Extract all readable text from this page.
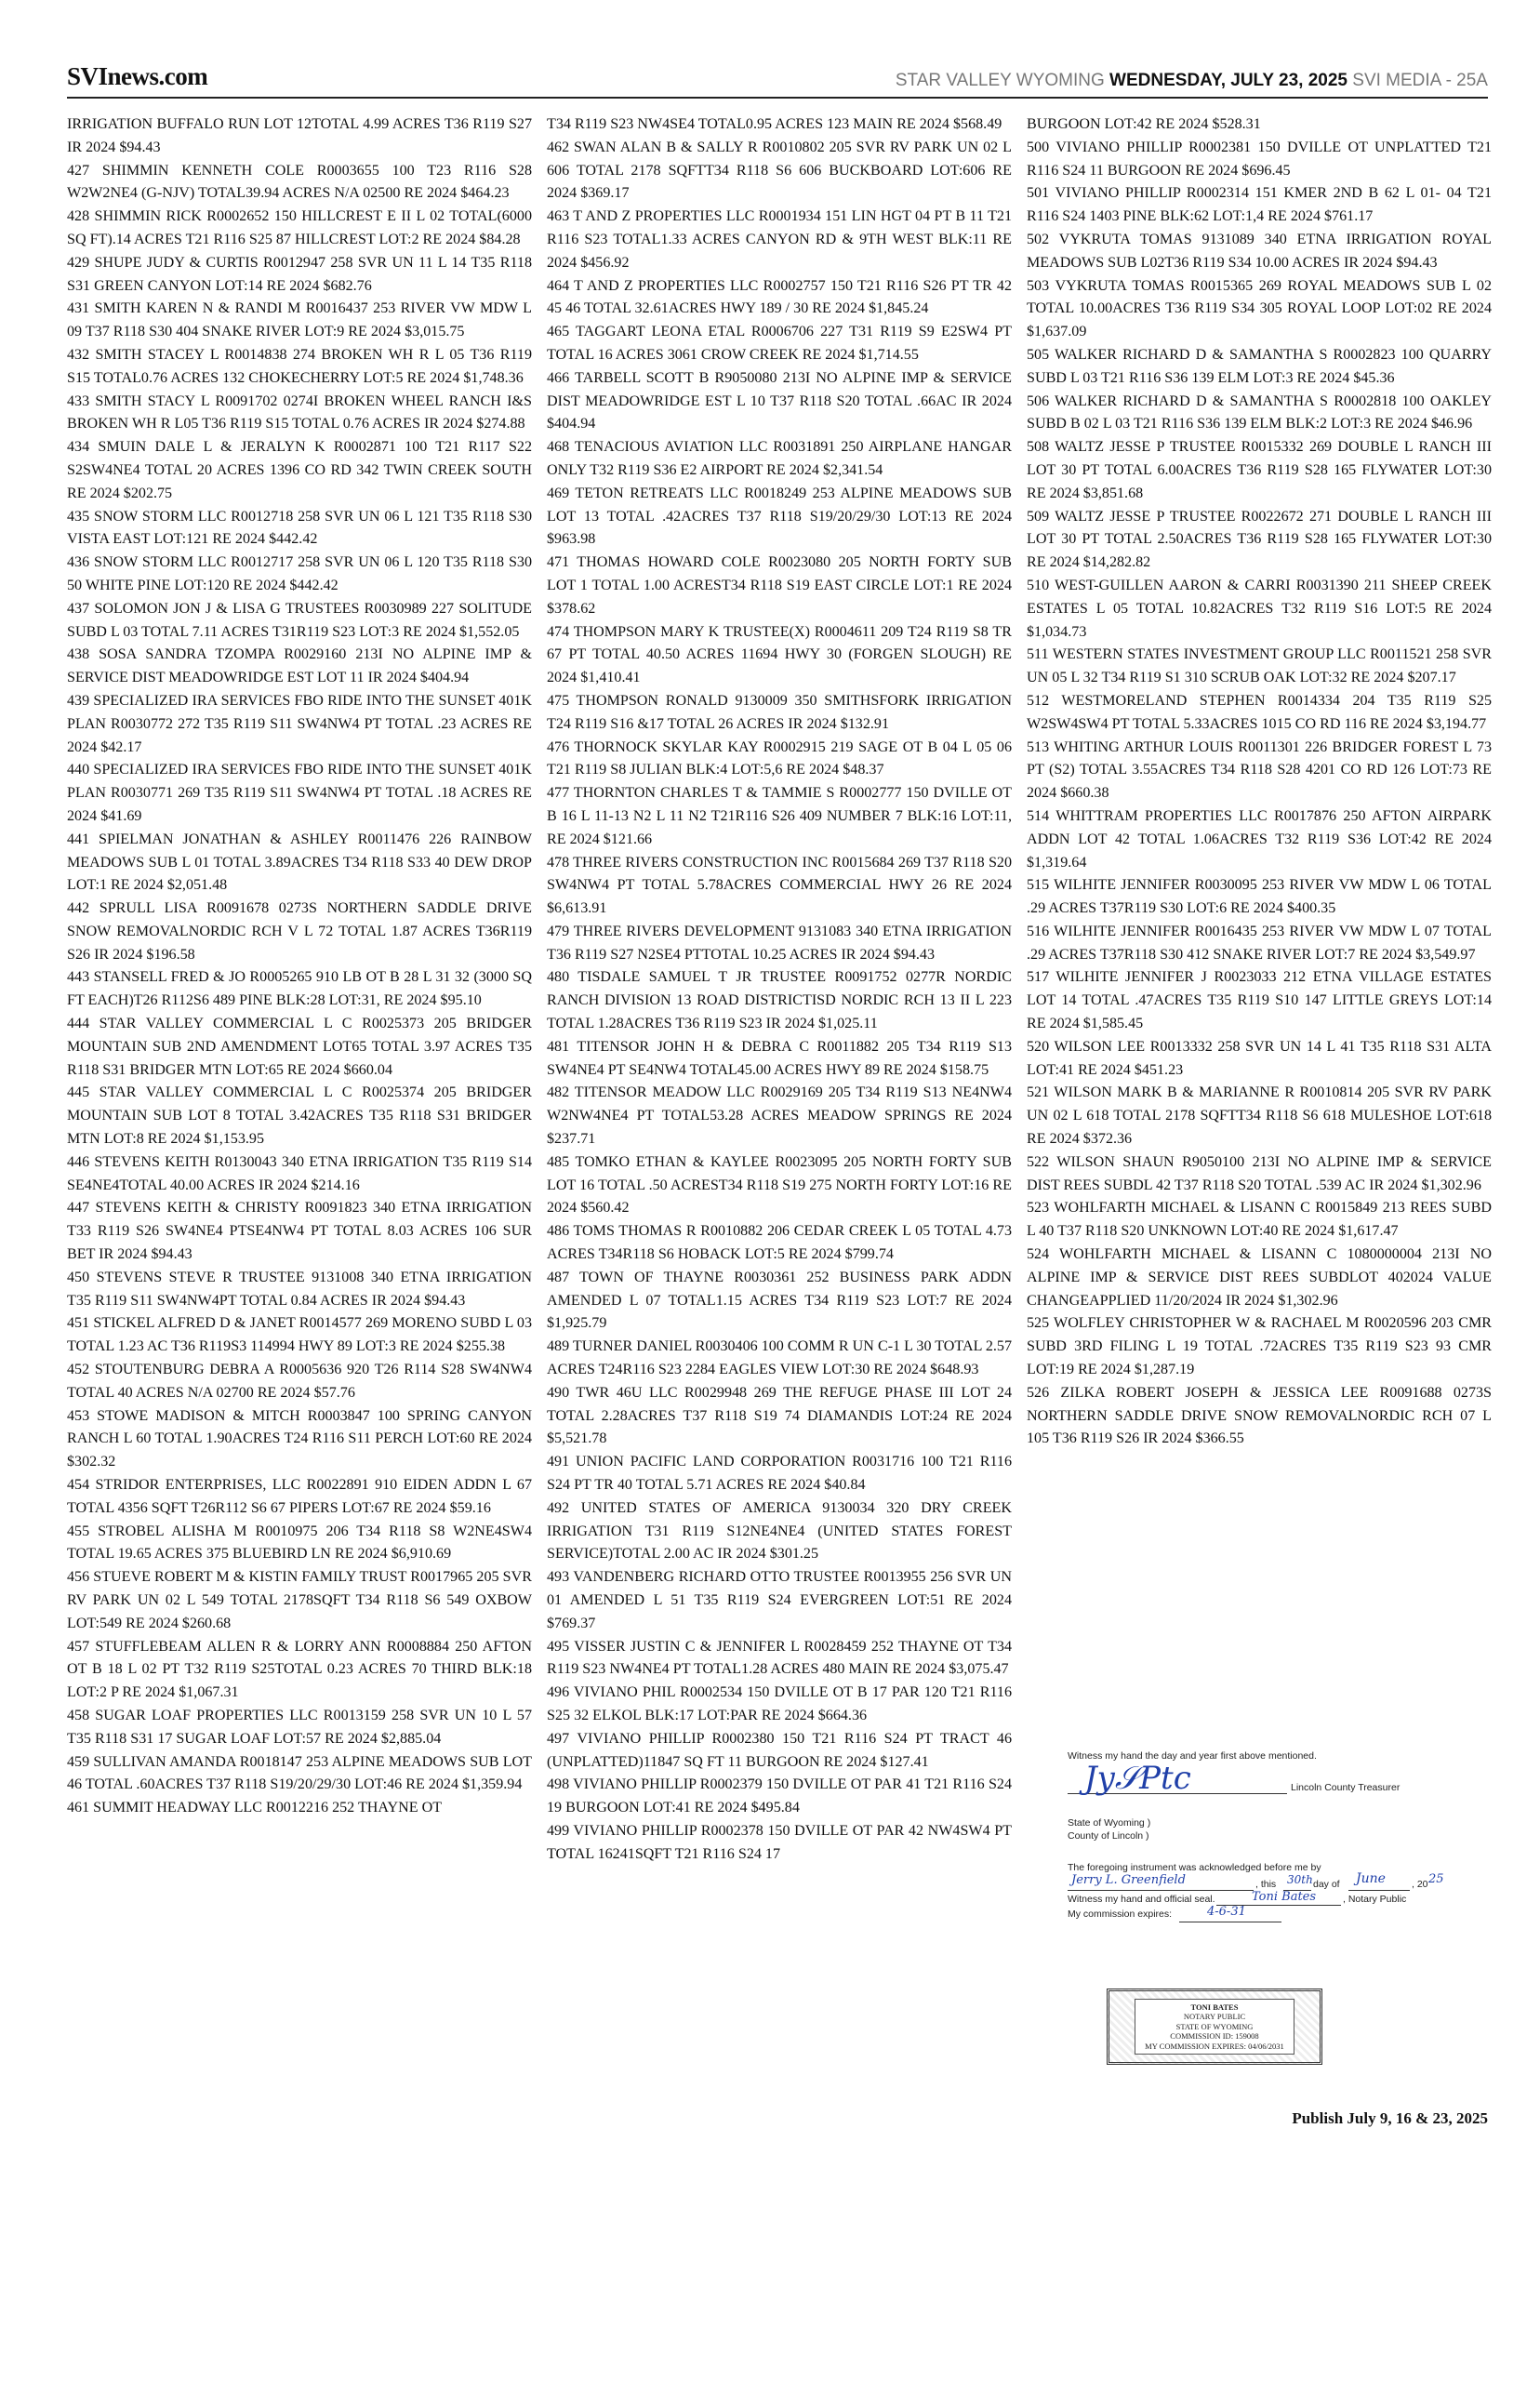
SVInews.com	STAR VALLEY WYOMING WEDNESDAY, JULY 23, 2025 SVI MEDIA - 25A

IRRIGATION BUFFALO RUN LOT 12TOTAL 4.99 ACRES T36 R119 S27 IR 2024 $94.43

427 SHIMMIN KENNETH COLE R0003655 100 T23 R116 S28 W2W2NE4 (G-NJV) TOTAL39.94 ACRES N/A 02500 RE 2024 $464.23

428 SHIMMIN RICK R0002652 150 HILLCREST E II L 02 TOTAL(6000 SQ FT).14 ACRES T21 R116 S25 87 HILLCREST LOT:2 RE 2024 $84.28

429 SHUPE JUDY & CURTIS R0012947 258 SVR UN 11 L 14 T35 R118 S31 GREEN CANYON LOT:14 RE 2024 $682.76

431 SMITH KAREN N & RANDI M R0016437 253 RIVER VW MDW L 09 T37 R118 S30 404 SNAKE RIVER LOT:9 RE 2024 $3,015.75

432 SMITH STACEY L R0014838 274 BROKEN WH R L 05 T36 R119 S15 TOTAL0.76 ACRES 132 CHOKECHERRY LOT:5 RE 2024 $1,748.36

433 SMITH STACY L R0091702 0274I BROKEN WHEEL RANCH I&S BROKEN WH R L05 T36 R119 S15 TOTAL 0.76 ACRES IR 2024 $274.88

434 SMUIN DALE L & JERALYN K R0002871 100 T21 R117 S22 S2SW4NE4 TOTAL 20 ACRES 1396 CO RD 342 TWIN CREEK SOUTH RE 2024 $202.75

435 SNOW STORM LLC R0012718 258 SVR UN 06 L 121 T35 R118 S30 VISTA EAST LOT:121 RE 2024 $442.42

436 SNOW STORM LLC R0012717 258 SVR UN 06 L 120 T35 R118 S30 50 WHITE PINE LOT:120 RE 2024 $442.42

437 SOLOMON JON J & LISA G TRUSTEES R0030989 227 SOLITUDE SUBD L 03 TOTAL 7.11 ACRES T31R119 S23 LOT:3 RE 2024 $1,552.05

438 SOSA SANDRA TZOMPA R0029160 213I NO ALPINE IMP & SERVICE DIST MEADOWRIDGE EST LOT 11 IR 2024 $404.94

439 SPECIALIZED IRA SERVICES FBO RIDE INTO THE SUNSET 401K PLAN R0030772 272 T35 R119 S11 SW4NW4 PT TOTAL .23 ACRES RE 2024 $42.17

440 SPECIALIZED IRA SERVICES FBO RIDE INTO THE SUNSET 401K PLAN R0030771 269 T35 R119 S11 SW4NW4 PT TOTAL .18 ACRES RE 2024 $41.69

441 SPIELMAN JONATHAN & ASHLEY R0011476 226 RAINBOW MEADOWS SUB L 01 TOTAL 3.89ACRES T34 R118 S33 40 DEW DROP LOT:1 RE 2024 $2,051.48

442 SPRULL LISA R0091678 0273S NORTHERN SADDLE DRIVE SNOW REMOVALNORDIC RCH V L 72 TOTAL 1.87 ACRES T36R119 S26 IR 2024 $196.58

443 STANSELL FRED & JO R0005265 910 LB OT B 28 L 31 32 (3000 SQ FT EACH)T26 R112S6 489 PINE BLK:28 LOT:31, RE 2024 $95.10

444 STAR VALLEY COMMERCIAL L C R0025373 205 BRIDGER MOUNTAIN SUB 2ND AMENDMENT LOT65 TOTAL 3.97 ACRES T35 R118 S31 BRIDGER MTN LOT:65 RE 2024 $660.04

445 STAR VALLEY COMMERCIAL L C R0025374 205 BRIDGER MOUNTAIN SUB LOT 8 TOTAL 3.42ACRES T35 R118 S31 BRIDGER MTN LOT:8 RE 2024 $1,153.95

446 STEVENS KEITH R0130043 340 ETNA IRRIGATION T35 R119 S14 SE4NE4TOTAL 40.00 ACRES IR 2024 $214.16

447 STEVENS KEITH & CHRISTY R0091823 340 ETNA IRRIGATION T33 R119 S26 SW4NE4 PTSE4NW4 PT TOTAL 8.03 ACRES 106 SUR BET IR 2024 $94.43

450 STEVENS STEVE R TRUSTEE 9131008 340 ETNA IRRIGATION T35 R119 S11 SW4NW4PT TOTAL 0.84 ACRES IR 2024 $94.43

451 STICKEL ALFRED D & JANET R0014577 269 MORENO SUBD L 03 TOTAL 1.23 AC T36 R119S3 114994 HWY 89 LOT:3 RE 2024 $255.38

452 STOUTENBURG DEBRA A R0005636 920 T26 R114 S28 SW4NW4 TOTAL 40 ACRES N/A 02700 RE 2024 $57.76

453 STOWE MADISON & MITCH R0003847 100 SPRING CANYON RANCH L 60 TOTAL 1.90ACRES T24 R116 S11 PERCH LOT:60 RE 2024 $302.32

454 STRIDOR ENTERPRISES, LLC R0022891 910 EIDEN ADDN L 67 TOTAL 4356 SQFT T26R112 S6 67 PIPERS LOT:67 RE 2024 $59.16

455 STROBEL ALISHA M R0010975 206 T34 R118 S8 W2NE4SW4 TOTAL 19.65 ACRES 375 BLUEBIRD LN RE 2024 $6,910.69

456 STUEVE ROBERT M & KISTIN FAMILY TRUST R0017965 205 SVR RV PARK UN 02 L 549 TOTAL 2178SQFT T34 R118 S6 549 OXBOW LOT:549 RE 2024 $260.68

457 STUFFLEBEAM ALLEN R & LORRY ANN R0008884 250 AFTON OT B 18 L 02 PT T32 R119 S25TOTAL 0.23 ACRES 70 THIRD BLK:18 LOT:2 P RE 2024 $1,067.31

458 SUGAR LOAF PROPERTIES LLC R0013159 258 SVR UN 10 L 57 T35 R118 S31 17 SUGAR LOAF LOT:57 RE 2024 $2,885.04

459 SULLIVAN AMANDA R0018147 253 ALPINE MEADOWS SUB LOT 46 TOTAL .60ACRES T37 R118 S19/20/29/30 LOT:46 RE 2024 $1,359.94

461 SUMMIT HEADWAY LLC R0012216 252 THAYNE OT

T34 R119 S23 NW4SE4 TOTAL0.95 ACRES 123 MAIN RE 2024 $568.49

462 SWAN ALAN B & SALLY R R0010802 205 SVR RV PARK UN 02 L 606 TOTAL 2178 SQFTT34 R118 S6 606 BUCKBOARD LOT:606 RE 2024 $369.17

463 T AND Z PROPERTIES LLC R0001934 151 LIN HGT 04 PT B 11 T21 R116 S23 TOTAL1.33 ACRES CANYON RD & 9TH WEST BLK:11 RE 2024 $456.92

464 T AND Z PROPERTIES LLC R0002757 150 T21 R116 S26 PT TR 42 45 46 TOTAL 32.61ACRES HWY 189 / 30 RE 2024 $1,845.24

465 TAGGART LEONA ETAL R0006706 227 T31 R119 S9 E2SW4 PT TOTAL 16 ACRES 3061 CROW CREEK RE 2024 $1,714.55

466 TARBELL SCOTT B R9050080 213I NO ALPINE IMP & SERVICE DIST MEADOWRIDGE EST L 10 T37 R118 S20 TOTAL .66AC IR 2024 $404.94

468 TENACIOUS AVIATION LLC R0031891 250 AIRPLANE HANGAR ONLY T32 R119 S36 E2 AIRPORT RE 2024 $2,341.54

469 TETON RETREATS LLC R0018249 253 ALPINE MEADOWS SUB LOT 13 TOTAL .42ACRES T37 R118 S19/20/29/30 LOT:13 RE 2024 $963.98

471 THOMAS HOWARD COLE R0023080 205 NORTH FORTY SUB LOT 1 TOTAL 1.00 ACREST34 R118 S19 EAST CIRCLE LOT:1 RE 2024 $378.62

474 THOMPSON MARY K TRUSTEE(X) R0004611 209 T24 R119 S8 TR 67 PT TOTAL 40.50 ACRES 11694 HWY 30 (FORGEN SLOUGH) RE 2024 $1,410.41

475 THOMPSON RONALD 9130009 350 SMITHSFORK IRRIGATION T24 R119 S16 &17 TOTAL 26 ACRES IR 2024 $132.91

476 THORNOCK SKYLAR KAY R0002915 219 SAGE OT B 04 L 05 06 T21 R119 S8 JULIAN BLK:4 LOT:5,6 RE 2024 $48.37

477 THORNTON CHARLES T & TAMMIE S R0002777 150 DVILLE OT B 16 L 11-13 N2 L 11 N2 T21R116 S26 409 NUMBER 7 BLK:16 LOT:11, RE 2024 $121.66

478 THREE RIVERS CONSTRUCTION INC R0015684 269 T37 R118 S20 SW4NW4 PT TOTAL 5.78ACRES COMMERCIAL HWY 26 RE 2024 $6,613.91

479 THREE RIVERS DEVELOPMENT 9131083 340 ETNA IRRIGATION T36 R119 S27 N2SE4 PTTOTAL 10.25 ACRES IR 2024 $94.43

480 TISDALE SAMUEL T JR TRUSTEE R0091752 0277R NORDIC RANCH DIVISION 13 ROAD DISTRICTISD NORDIC RCH 13 II L 223 TOTAL 1.28ACRES T36 R119 S23 IR 2024 $1,025.11

481 TITENSOR JOHN H & DEBRA C R0011882 205 T34 R119 S13 SW4NE4 PT SE4NW4 TOTAL45.00 ACRES HWY 89 RE 2024 $158.75

482 TITENSOR MEADOW LLC R0029169 205 T34 R119 S13 NE4NW4 W2NW4NE4 PT TOTAL53.28 ACRES MEADOW SPRINGS RE 2024 $237.71

485 TOMKO ETHAN & KAYLEE R0023095 205 NORTH FORTY SUB LOT 16 TOTAL .50 ACREST34 R118 S19 275 NORTH FORTY LOT:16 RE 2024 $560.42

486 TOMS THOMAS R R0010882 206 CEDAR CREEK L 05 TOTAL 4.73 ACRES T34R118 S6 HOBACK LOT:5 RE 2024 $799.74

487 TOWN OF THAYNE R0030361 252 BUSINESS PARK ADDN AMENDED L 07 TOTAL1.15 ACRES T34 R119 S23 LOT:7 RE 2024 $1,925.79

489 TURNER DANIEL R0030406 100 COMM R UN C-1 L 30 TOTAL 2.57 ACRES T24R116 S23 2284 EAGLES VIEW LOT:30 RE 2024 $648.93

490 TWR 46U LLC R0029948 269 THE REFUGE PHASE III LOT 24 TOTAL 2.28ACRES T37 R118 S19 74 DIAMANDIS LOT:24 RE 2024 $5,521.78

491 UNION PACIFIC LAND CORPORATION R0031716 100 T21 R116 S24 PT TR 40 TOTAL 5.71 ACRES RE 2024 $40.84

492 UNITED STATES OF AMERICA 9130034 320 DRY CREEK IRRIGATION T31 R119 S12NE4NE4 (UNITED STATES FOREST SERVICE)TOTAL 2.00 AC IR 2024 $301.25

493 VANDENBERG RICHARD OTTO TRUSTEE R0013955 256 SVR UN 01 AMENDED L 51 T35 R119 S24 EVERGREEN LOT:51 RE 2024 $769.37

495 VISSER JUSTIN C & JENNIFER L R0028459 252 THAYNE OT T34 R119 S23 NW4NE4 PT TOTAL1.28 ACRES 480 MAIN RE 2024 $3,075.47

496 VIVIANO PHIL R0002534 150 DVILLE OT B 17 PAR 120 T21 R116 S25 32 ELKOL BLK:17 LOT:PAR RE 2024 $664.36

497 VIVIANO PHILLIP R0002380 150 T21 R116 S24 PT TRACT 46 (UNPLATTED)11847 SQ FT 11 BURGOON RE 2024 $127.41

498 VIVIANO PHILLIP R0002379 150 DVILLE OT PAR 41 T21 R116 S24 19 BURGOON LOT:41 RE 2024 $495.84

499 VIVIANO PHILLIP R0002378 150 DVILLE OT PAR 42 NW4SW4 PT TOTAL 16241SQFT T21 R116 S24 17

BURGOON LOT:42 RE 2024 $528.31

500 VIVIANO PHILLIP R0002381 150 DVILLE OT UNPLATTED T21 R116 S24 11 BURGOON RE 2024 $696.45

501 VIVIANO PHILLIP R0002314 151 KMER 2ND B 62 L 01- 04 T21 R116 S24 1403 PINE BLK:62 LOT:1,4 RE 2024 $761.17

502 VYKRUTA TOMAS 9131089 340 ETNA IRRIGATION ROYAL MEADOWS SUB L02T36 R119 S34 10.00 ACRES IR 2024 $94.43

503 VYKRUTA TOMAS R0015365 269 ROYAL MEADOWS SUB L 02 TOTAL 10.00ACRES T36 R119 S34 305 ROYAL LOOP LOT:02 RE 2024 $1,637.09

505 WALKER RICHARD D & SAMANTHA S R0002823 100 QUARRY SUBD L 03 T21 R116 S36 139 ELM LOT:3 RE 2024 $45.36

506 WALKER RICHARD D & SAMANTHA S R0002818 100 OAKLEY SUBD B 02 L 03 T21 R116 S36 139 ELM BLK:2 LOT:3 RE 2024 $46.96

508 WALTZ JESSE P TRUSTEE R0015332 269 DOUBLE L RANCH III LOT 30 PT TOTAL 6.00ACRES T36 R119 S28 165 FLYWATER LOT:30 RE 2024 $3,851.68

509 WALTZ JESSE P TRUSTEE R0022672 271 DOUBLE L RANCH III LOT 30 PT TOTAL 2.50ACRES T36 R119 S28 165 FLYWATER LOT:30 RE 2024 $14,282.82

510 WEST-GUILLEN AARON & CARRI R0031390 211 SHEEP CREEK ESTATES L 05 TOTAL 10.82ACRES T32 R119 S16 LOT:5 RE 2024 $1,034.73

511 WESTERN STATES INVESTMENT GROUP LLC R0011521 258 SVR UN 05 L 32 T34 R119 S1 310 SCRUB OAK LOT:32 RE 2024 $207.17

512 WESTMORELAND STEPHEN R0014334 204 T35 R119 S25 W2SW4SW4 PT TOTAL 5.33ACRES 1015 CO RD 116 RE 2024 $3,194.77

513 WHITING ARTHUR LOUIS R0011301 226 BRIDGER FOREST L 73 PT (S2) TOTAL 3.55ACRES T34 R118 S28 4201 CO RD 126 LOT:73 RE 2024 $660.38

514 WHITTRAM PROPERTIES LLC R0017876 250 AFTON AIRPARK ADDN LOT 42 TOTAL 1.06ACRES T32 R119 S36 LOT:42 RE 2024 $1,319.64

515 WILHITE JENNIFER R0030095 253 RIVER VW MDW L 06 TOTAL .29 ACRES T37R119 S30 LOT:6 RE 2024 $400.35

516 WILHITE JENNIFER R0016435 253 RIVER VW MDW L 07 TOTAL .29 ACRES T37R118 S30 412 SNAKE RIVER LOT:7 RE 2024 $3,549.97

517 WILHITE JENNIFER J R0023033 212 ETNA VILLAGE ESTATES LOT 14 TOTAL .47ACRES T35 R119 S10 147 LITTLE GREYS LOT:14 RE 2024 $1,585.45

520 WILSON LEE R0013332 258 SVR UN 14 L 41 T35 R118 S31 ALTA LOT:41 RE 2024 $451.23

521 WILSON MARK B & MARIANNE R R0010814 205 SVR RV PARK UN 02 L 618 TOTAL 2178 SQFTT34 R118 S6 618 MULESHOE LOT:618 RE 2024 $372.36

522 WILSON SHAUN R9050100 213I NO ALPINE IMP & SERVICE DIST REES SUBDL 42 T37 R118 S20 TOTAL .539 AC IR 2024 $1,302.96

523 WOHLFARTH MICHAEL & LISANN C R0015849 213 REES SUBD L 40 T37 R118 S20 UNKNOWN LOT:40 RE 2024 $1,617.47

524 WOHLFARTH MICHAEL & LISANN C 1080000004 213I NO ALPINE IMP & SERVICE DIST REES SUBDLOT 402024 VALUE CHANGEAPPLIED 11/20/2024 IR 2024 $1,302.96

525 WOLFLEY CHRISTOPHER W & RACHAEL M R0020596 203 CMR SUBD 3RD FILING L 19 TOTAL .72ACRES T35 R119 S23 93 CMR LOT:19 RE 2024 $1,287.19

526 ZILKA ROBERT JOSEPH & JESSICA LEE R0091688 0273S NORTHERN SADDLE DRIVE SNOW REMOVALNORDIC RCH 07 L 105 T36 R119 S26 IR 2024 $366.55

Witness my hand the day and year first above mentioned.
Jy𝒮Ptc	Lincoln County Treasurer
State of Wyoming )
County of Lincoln )
The foregoing instrument was acknowledged before me by
Jerry L. Greenfield	, this 30th day of June	, 20 25
Witness my hand and official seal.	Toni Bates	, Notary Public
My commission expires:	4-6-31
TONI BATES
NOTARY PUBLIC
STATE OF WYOMING
COMMISSION ID: 159008
MY COMMISSION EXPIRES: 04/06/2031
Publish July 9, 16 & 23, 2025
